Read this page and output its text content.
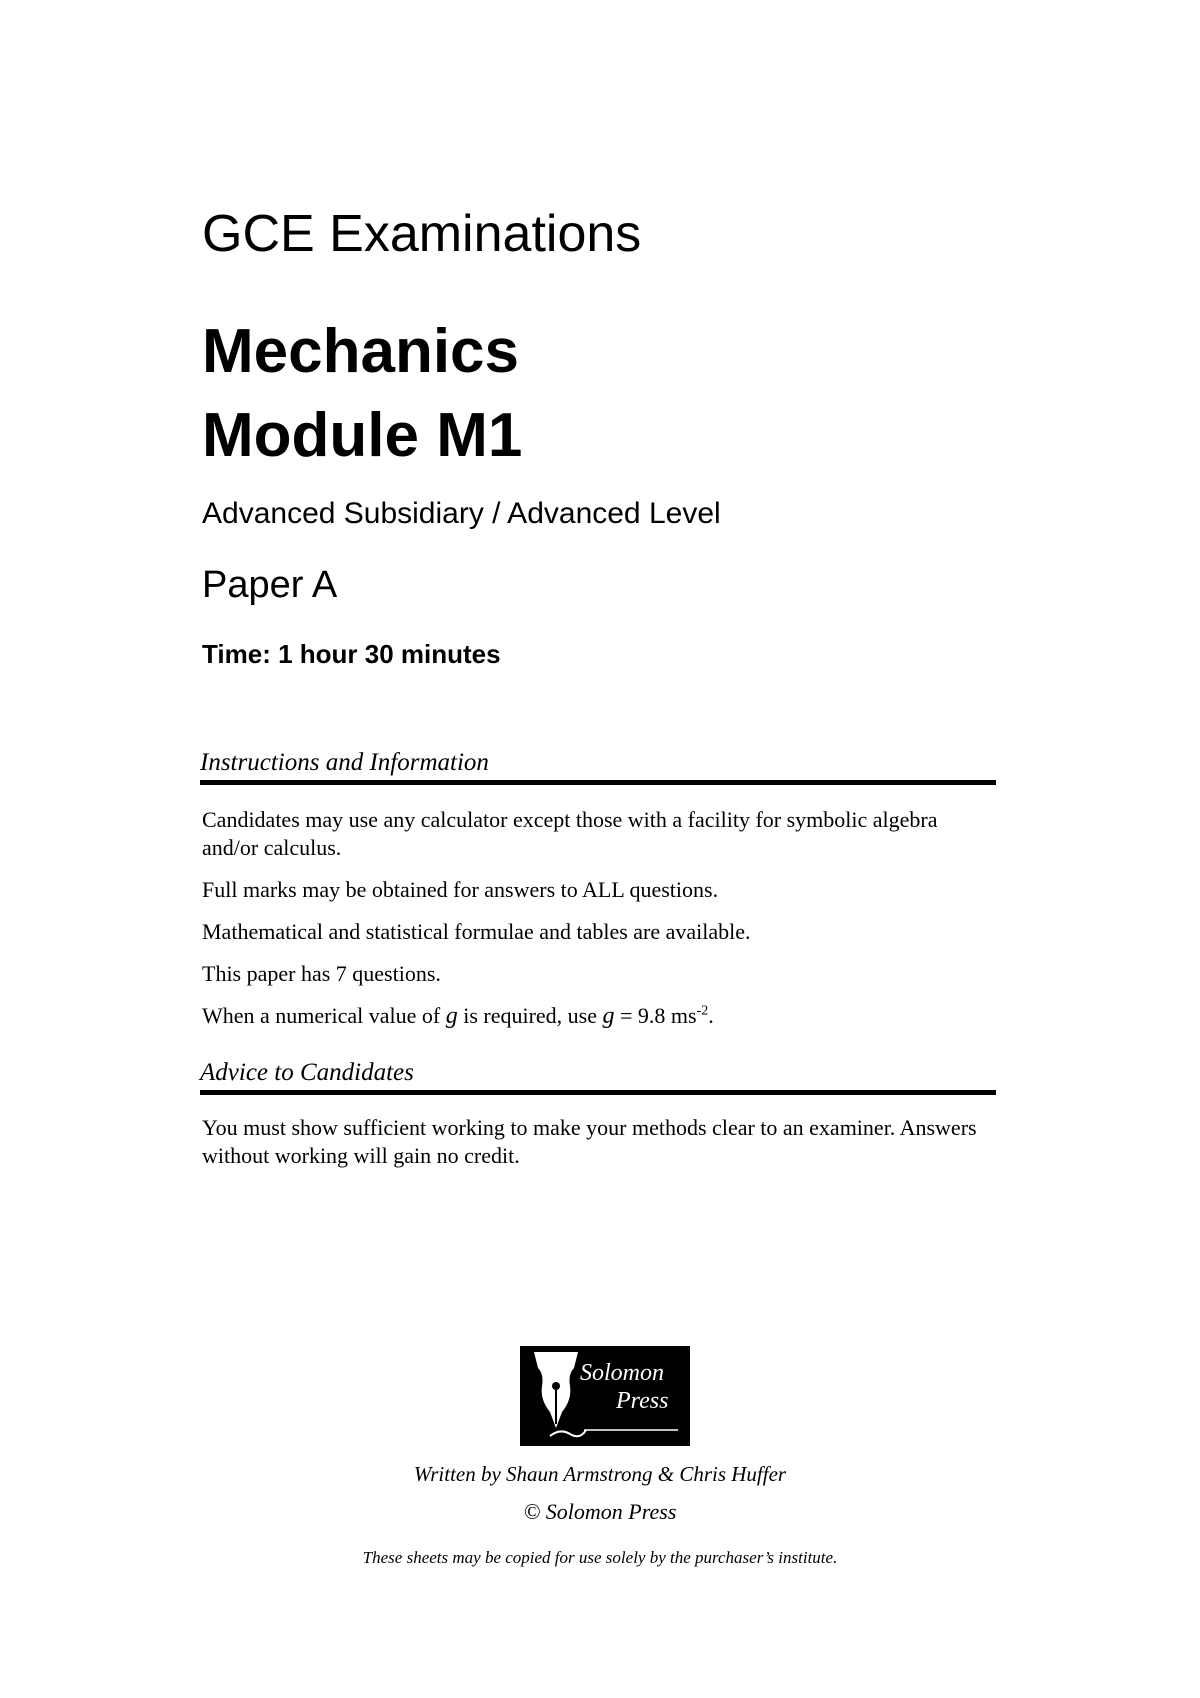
GCE Examinations
Mechanics
Module M1
Advanced Subsidiary / Advanced Level
Paper A
Time: 1 hour 30 minutes
Instructions and Information

Candidates may use any calculator except those with a facility for symbolic algebra and/or calculus.

Full marks may be obtained for answers to ALL questions.

Mathematical and statistical formulae and tables are available.

This paper has 7 questions.

When a numerical value of g is required, use g = 9.8 $ms^{-2}$.

Advice to Candidates

You must show sufficient working to make your methods clear to an examiner. Answers without working will gain no credit.

Solomon
Press
Written by Shaun Armstrong & Chris Huffer
© Solomon Press
These sheets may be copied for use solely by the purchaser’s institute.
